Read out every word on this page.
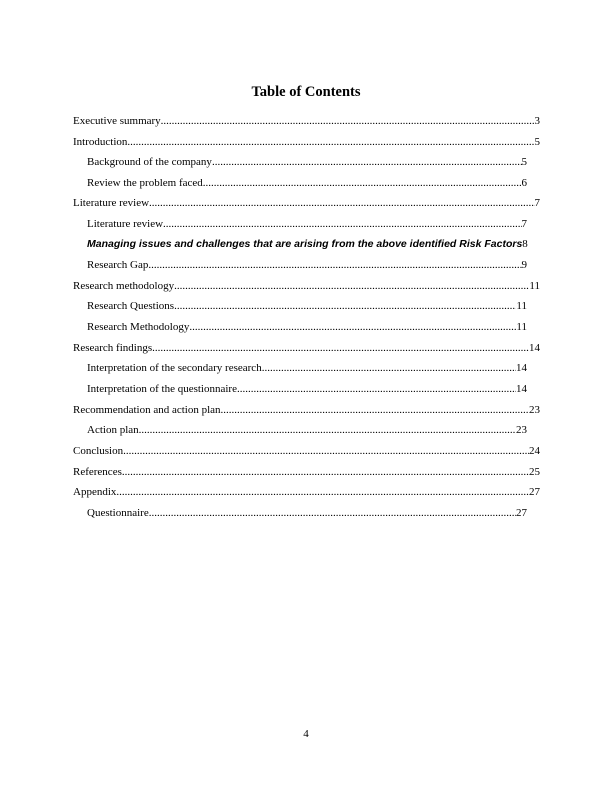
Table of Contents
Executive summary .....	3
Introduction .....	5
Background of the company .....	5
Review the problem faced .....	6
Literature review .....	7
Literature review .....	7
Managing issues and challenges that are arising from the above identified Risk Factors 8
Research Gap .....	9
Research methodology .....	11
Research Questions .....	11
Research Methodology .....	11
Research findings .....	14
Interpretation of the secondary research .....	14
Interpretation of the questionnaire .....	14
Recommendation and action plan .....	23
Action plan .....	23
Conclusion .....	24
References .....	25
Appendix .....	27
Questionnaire .....	27
4
